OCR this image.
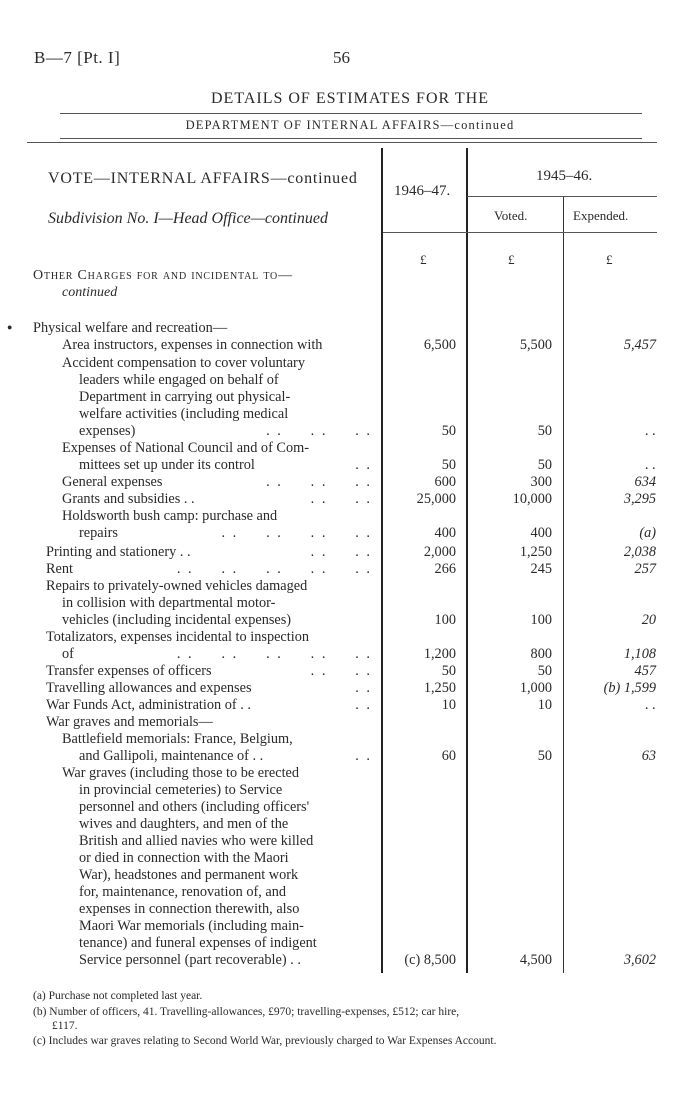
B—7 [Pt. I]	56
DETAILS OF ESTIMATES FOR THE
DEPARTMENT OF INTERNAL AFFAIRS—continued
VOTE—INTERNAL AFFAIRS—continued
Subdivision No. I—Head Office—continued
1946–47.
1945–46.
Voted.	Expended.
£	£	£
Other Charges for and incidental to—
continued
● Physical welfare and recreation—
Area instructors, expenses in connection with	6,500	5,500	5,457
Accident compensation to cover voluntary
leaders while engaged on behalf of
Department in carrying out physical-
welfare activities (including medical
expenses)	. .     . .     . .	50	50	. .
Expenses of National Council and of Com-
mittees set up under its control	. .	50	50	. .
General expenses	. .     . .     . .	600	300	634
Grants and subsidies . .	. .     . .	25,000	10,000	3,295
Holdsworth bush camp: purchase and
repairs	. .     . .     . .     . .	400	400	(a)
Printing and stationery . .	. .     . .	2,000	1,250	2,038
Rent	. .     . .     . .     . .     . .	266	245	257
Repairs to privately-owned vehicles damaged
in collision with departmental motor-
vehicles (including incidental expenses)	100	100	20
Totalizators, expenses incidental to inspection
of	. .     . .     . .     . .     . .	1,200	800	1,108
Transfer expenses of officers	. .     . .	50	50	457
Travelling allowances and expenses	. .	1,250	1,000	(b) 1,599
War Funds Act, administration of . .	. .	10	10	. .
War graves and memorials—
Battlefield memorials: France, Belgium,
and Gallipoli, maintenance of . .	. .	60	50	63
War graves (including those to be erected
in provincial cemeteries) to Service
personnel and others (including officers'
wives and daughters, and men of the
British and allied navies who were killed
or died in connection with the Maori
War), headstones and permanent work
for, maintenance, renovation of, and
expenses in connection therewith, also
Maori War memorials (including main-
tenance) and funeral expenses of indigent
Service personnel (part recoverable) . .	(c) 8,500	4,500	3,602
(a) Purchase not completed last year.
(b) Number of officers, 41. Travelling-allowances, £970; travelling-expenses, £512; car hire,
£117.
(c) Includes war graves relating to Second World War, previously charged to War Expenses Account.
